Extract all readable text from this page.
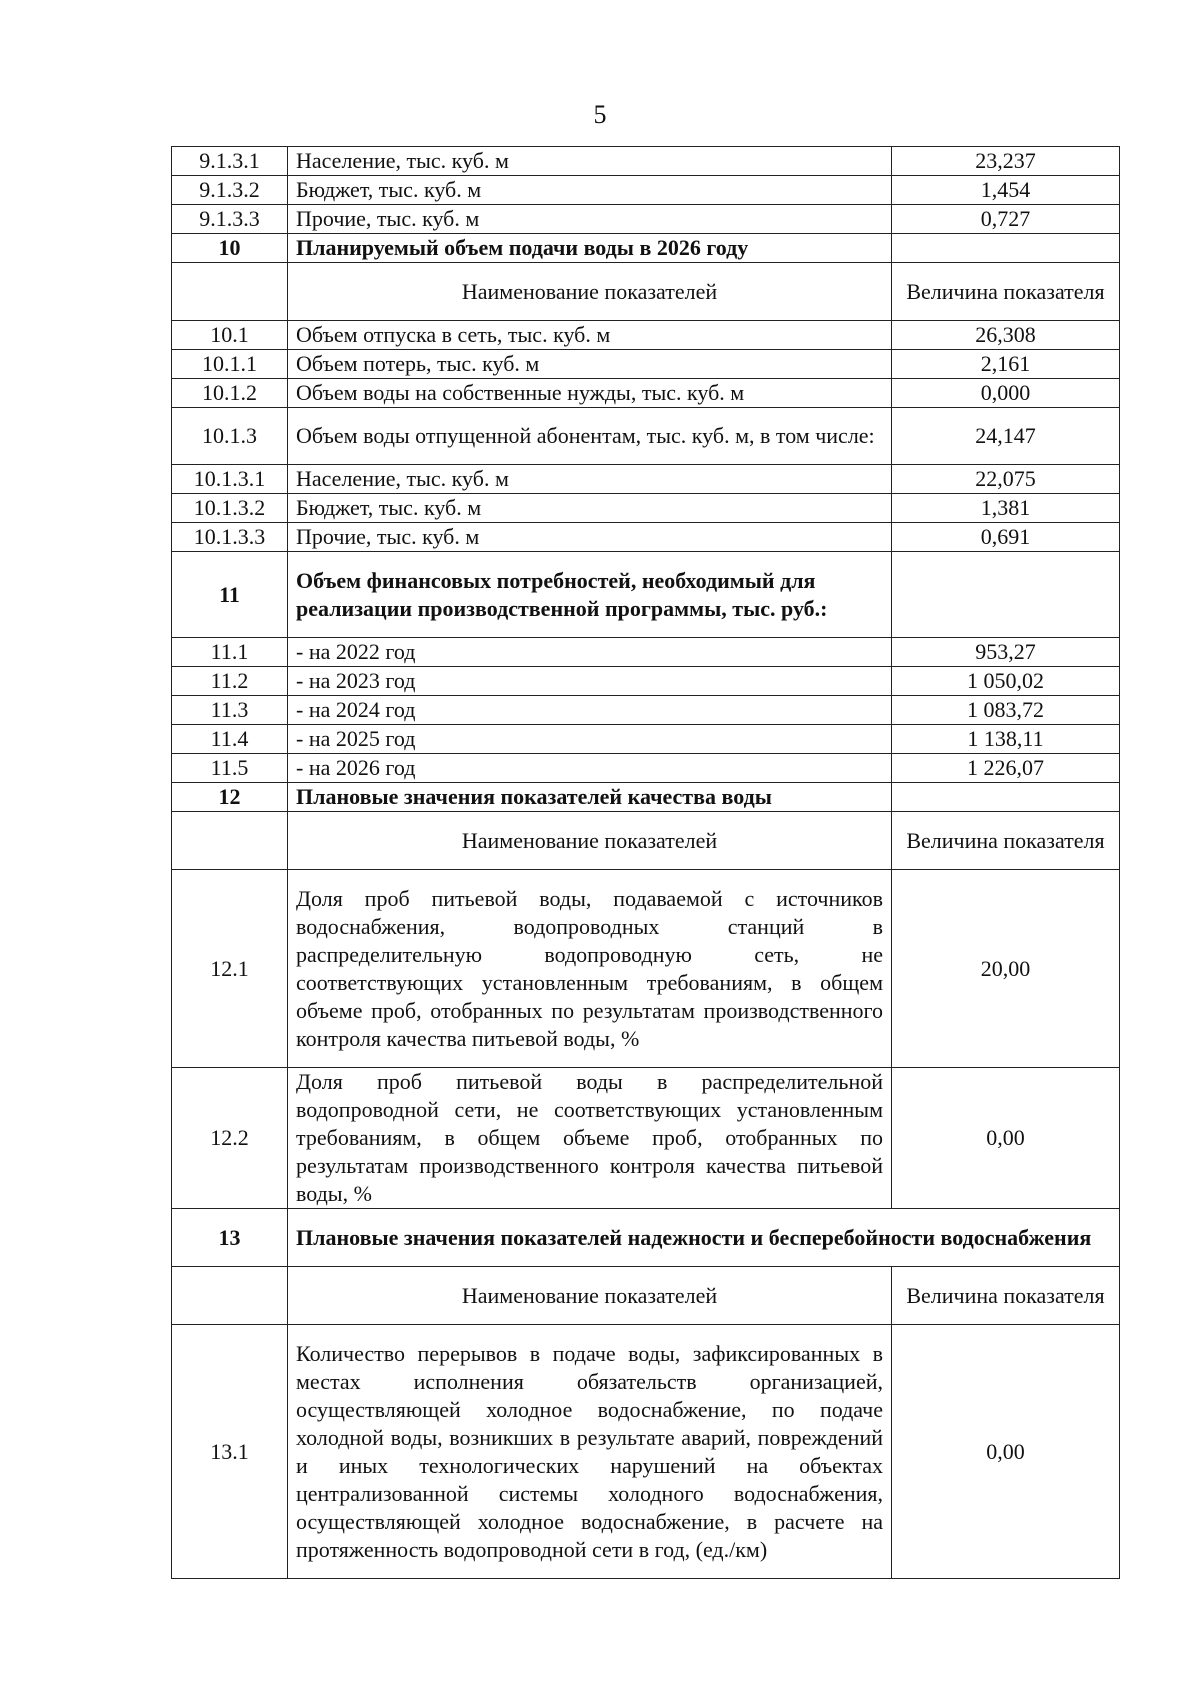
5
9.1.3.1	Население, тыс. куб. м	23,237
9.1.3.2	Бюджет, тыс. куб. м	1,454
9.1.3.3	Прочие, тыс. куб. м	0,727
10	Планируемый объем подачи воды в 2026 году	
	Наименование показателей	Величина показателя
10.1	Объем отпуска в сеть, тыс. куб. м	26,308
10.1.1	Объем потерь, тыс. куб. м	2,161
10.1.2	Объем воды на собственные нужды, тыс. куб. м	0,000
10.1.3	Объем воды отпущенной абонентам, тыс. куб. м, в том числе:	24,147
10.1.3.1	Население, тыс. куб. м	22,075
10.1.3.2	Бюджет, тыс. куб. м	1,381
10.1.3.3	Прочие, тыс. куб. м	0,691
11	Объем финансовых потребностей, необходимый для реализации производственной программы, тыс. руб.:	
11.1	- на 2022 год	953,27
11.2	- на 2023 год	1 050,02
11.3	- на 2024 год	1 083,72
11.4	- на 2025 год	1 138,11
11.5	- на 2026 год	1 226,07
12	Плановые значения показателей качества воды	
	Наименование показателей	Величина показателя
12.1	Доля проб питьевой воды, подаваемой с источников водоснабжения, водопроводных станций в распределительную водопроводную сеть, не соответствующих установленным требованиям, в общем объеме проб, отобранных по результатам производственного контроля качества питьевой воды, %	20,00
12.2	Доля проб питьевой воды в распределительной водопроводной сети, не соответствующих установленным требованиям, в общем объеме проб, отобранных по результатам производственного контроля качества питьевой воды, %	0,00
13	Плановые значения показателей надежности и бесперебойности водоснабжения	
	Наименование показателей	Величина показателя
13.1	Количество перерывов в подаче воды, зафиксированных в местах исполнения обязательств организацией, осуществляющей холодное водоснабжение, по подаче холодной воды, возникших в результате аварий, повреждений и иных технологических нарушений на объектах централизованной системы холодного водоснабжения, осуществляющей холодное водоснабжение, в расчете на протяженность водопроводной сети в год, (ед./км)	0,00
